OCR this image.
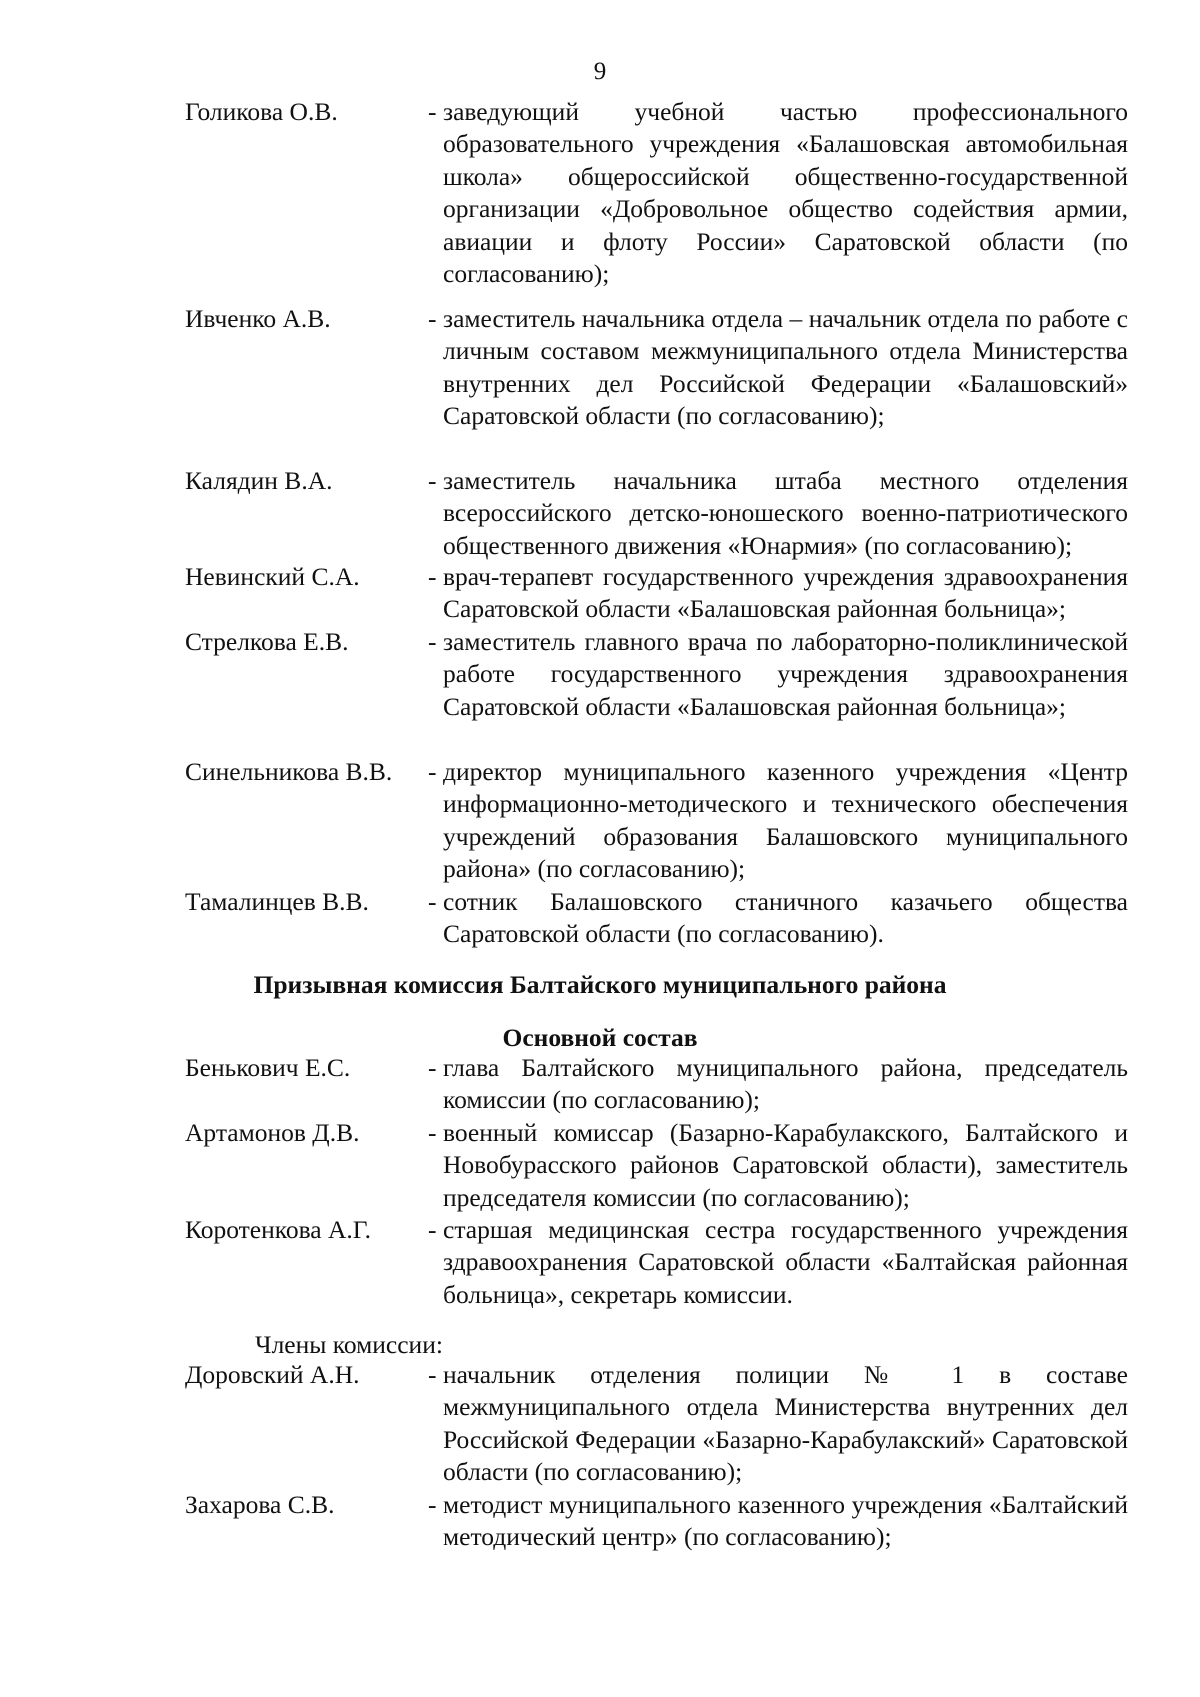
9
Голикова О.В.	- заведующий учебной частью профессионального образовательного учреждения «Балашовская автомобильная школа» общероссийской общественно-государственной организации «Добровольное общество содействия армии, авиации и флоту России» Саратовской области (по согласованию);
Ивченко А.В.	- заместитель начальника отдела – начальник отдела по работе с личным составом межмуниципального отдела Министерства внутренних дел Российской Федерации «Балашовский» Саратовской области (по согласованию);
Калядин В.А.	- заместитель начальника штаба местного отделения всероссийского детско-юношеского военно-патриотического общественного движения «Юнармия» (по согласованию);
Невинский С.А.	- врач-терапевт государственного учреждения здравоохранения Саратовской области «Балашовская районная больница»;
Стрелкова Е.В.	- заместитель главного врача по лабораторно-поликлинической работе государственного учреждения здравоохранения Саратовской области «Балашовская районная больница»;
Синельникова В.В. - директор муниципального казенного учреждения «Центр информационно-методического и технического обеспечения учреждений образования Балашовского муниципального района» (по согласованию);
Тамалинцев В.В. - сотник Балашовского станичного казачьего общества Саратовской области (по согласованию).
Призывная комиссия Балтайского муниципального района
Основной состав
Бенькович Е.С.	- глава Балтайского муниципального района, председатель комиссии (по согласованию);
Артамонов Д.В.	- военный комиссар (Базарно-Карабулакского, Балтайского и Новобурасского районов Саратовской области), заместитель председателя комиссии (по согласованию);
Коротенкова А.Г. - старшая медицинская сестра государственного учреждения здравоохранения Саратовской области «Балтайская районная больница», секретарь комиссии.
Члены комиссии:
Доровский А.Н.	- начальник отделения полиции № 1 в составе межмуниципального отдела Министерства внутренних дел Российской Федерации «Базарно-Карабулакский» Саратовской области (по согласованию);
Захарова С.В.	- методист муниципального казенного учреждения «Балтайский методический центр» (по согласованию);
